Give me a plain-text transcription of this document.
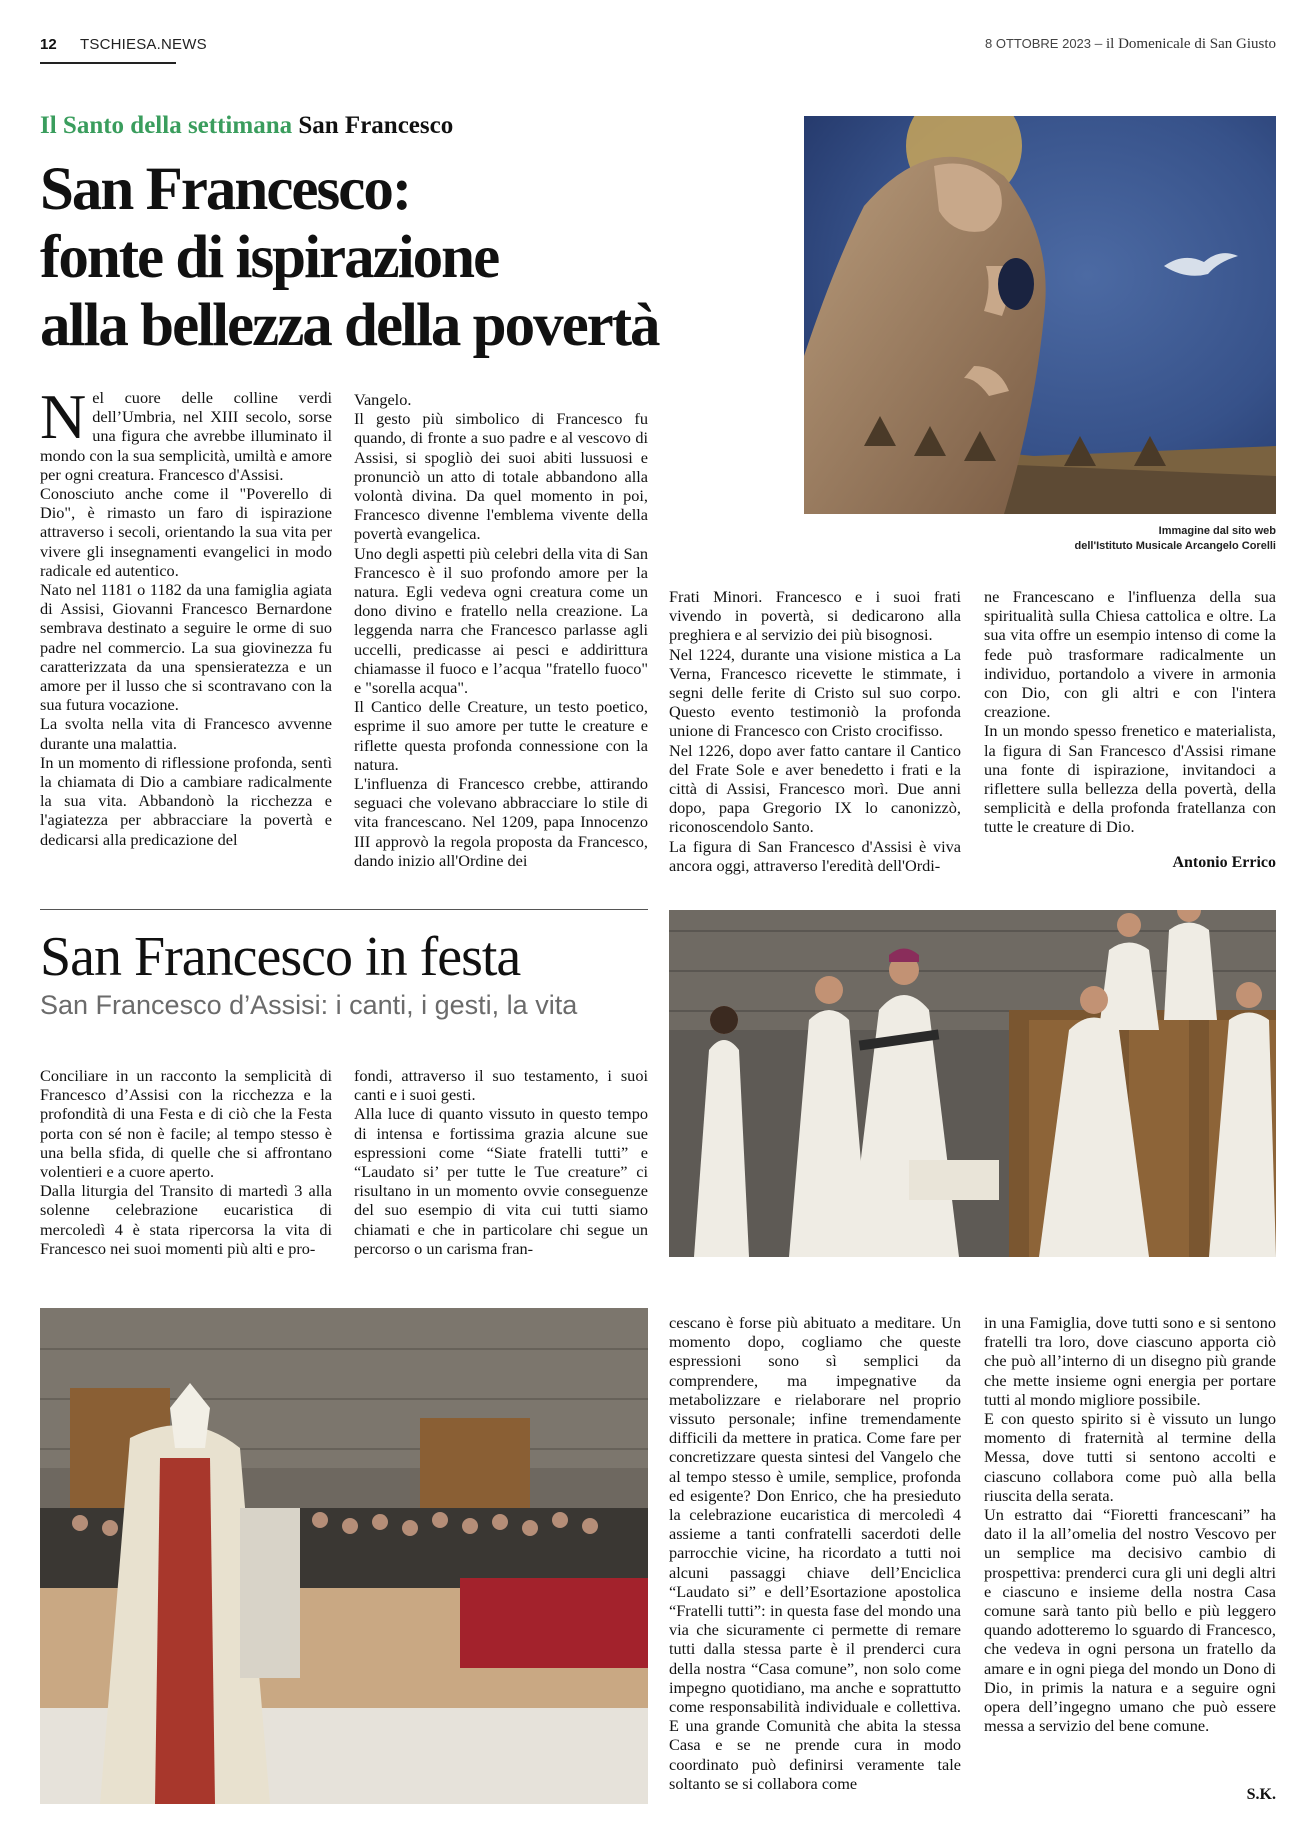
12 TSCHIESA.NEWS	8 OTTOBRE 2023 – il Domenicale di San Giusto
Il Santo della settimana San Francesco
San Francesco:
fonte di ispirazione
alla bellezza della povertà

Nel cuore delle colline verdi dell’Umbria, nel XIII secolo, sorse una figura che avrebbe illuminato il mondo con la sua semplicità, umiltà e amore per ogni creatura. Francesco d'Assisi.

Conosciuto anche come il "Poverello di Dio", è rimasto un faro di ispirazione attraverso i secoli, orientando la sua vita per vivere gli insegnamenti evangelici in modo radicale ed autentico.

Nato nel 1181 o 1182 da una famiglia agiata di Assisi, Giovanni Francesco Bernardone sembrava destinato a seguire le orme di suo padre nel commercio. La sua giovinezza fu caratterizzata da una spensieratezza e un amore per il lusso che si scontravano con la sua futura vocazione.

La svolta nella vita di Francesco avvenne durante una malattia.

In un momento di riflessione profonda, sentì la chiamata di Dio a cambiare radicalmente la sua vita. Abbandonò la ricchezza e l'agiatezza per abbracciare la povertà e dedicarsi alla predicazione del

Vangelo.

Il gesto più simbolico di Francesco fu quando, di fronte a suo padre e al vescovo di Assisi, si spogliò dei suoi abiti lussuosi e pronunciò un atto di totale abbandono alla volontà divina. Da quel momento in poi, Francesco divenne l'emblema vivente della povertà evangelica.

Uno degli aspetti più celebri della vita di San Francesco è il suo profondo amore per la natura. Egli vedeva ogni creatura come un dono divino e fratello nella creazione. La leggenda narra che Francesco parlasse agli uccelli, predicasse ai pesci e addirittura chiamasse il fuoco e l’acqua "fratello fuoco" e "sorella acqua".

Il Cantico delle Creature, un testo poetico, esprime il suo amore per tutte le creature e riflette questa profonda connessione con la natura.

L'influenza di Francesco crebbe, attirando seguaci che volevano abbracciare lo stile di vita francescano. Nel 1209, papa Innocenzo III approvò la regola proposta da Francesco, dando inizio all'Ordine dei

Frati Minori. Francesco e i suoi frati vivendo in povertà, si dedicarono alla preghiera e al servizio dei più bisognosi.

Nel 1224, durante una visione mistica a La Verna, Francesco ricevette le stimmate, i segni delle ferite di Cristo sul suo corpo. Questo evento testimoniò la profonda unione di Francesco con Cristo crocifisso.

Nel 1226, dopo aver fatto cantare il Cantico del Frate Sole e aver benedetto i frati e la città di Assisi, Francesco morì. Due anni dopo, papa Gregorio IX lo canonizzò, riconoscendolo Santo.

La figura di San Francesco d'Assisi è viva ancora oggi, attraverso l'eredità dell'Ordi-

ne Francescano e l'influenza della sua spiritualità sulla Chiesa cattolica e oltre. La sua vita offre un esempio intenso di come la fede può trasformare radicalmente un individuo, portandolo a vivere in armonia con Dio, con gli altri e con l'intera creazione.

In un mondo spesso frenetico e materialista, la figura di San Francesco d'Assisi rimane una fonte di ispirazione, invitandoci a riflettere sulla bellezza della povertà, della semplicità e della profonda fratellanza con tutte le creature di Dio.

Antonio Errico

Immagine dal sito web
dell'Istituto Musicale Arcangelo Corelli
San Francesco in festa
San Francesco d’Assisi: i canti, i gesti, la vita

Conciliare in un racconto la semplicità di Francesco d’Assisi con la ricchezza e la profondità di una Festa e di ciò che la Festa porta con sé non è facile; al tempo stesso è una bella sfida, di quelle che si affrontano volentieri e a cuore aperto.

Dalla liturgia del Transito di martedì 3 alla solenne celebrazione eucaristica di mercoledì 4 è stata ripercorsa la vita di Francesco nei suoi momenti più alti e pro-

fondi, attraverso il suo testamento, i suoi canti e i suoi gesti.

Alla luce di quanto vissuto in questo tempo di intensa e fortissima grazia alcune sue espressioni come “Siate fratelli tutti” e “Laudato si’ per tutte le Tue creature” ci risultano in un momento ovvie conseguenze del suo esempio di vita cui tutti siamo chiamati e che in particolare chi segue un percorso o un carisma fran-

cescano è forse più abituato a meditare. Un momento dopo, cogliamo che queste espressioni sono sì semplici da comprendere, ma impegnative da metabolizzare e rielaborare nel proprio vissuto personale; infine tremendamente difficili da mettere in pratica. Come fare per concretizzare questa sintesi del Vangelo che al tempo stesso è umile, semplice, profonda ed esigente? Don Enrico, che ha presieduto la celebrazione eucaristica di mercoledì 4 assieme a tanti confratelli sacerdoti delle parrocchie vicine, ha ricordato a tutti noi alcuni passaggi chiave dell’Enciclica “Laudato si” e dell’Esortazione apostolica “Fratelli tutti”: in questa fase del mondo una via che sicuramente ci permette di remare tutti dalla stessa parte è il prenderci cura della nostra “Casa comune”, non solo come impegno quotidiano, ma anche e soprattutto come responsabilità individuale e collettiva. E una grande Comunità che abita la stessa Casa e se ne prende cura in modo coordinato può definirsi veramente tale soltanto se si collabora come

in una Famiglia, dove tutti sono e si sentono fratelli tra loro, dove ciascuno apporta ciò che può all’interno di un disegno più grande che mette insieme ogni energia per portare tutti al mondo migliore possibile.

E con questo spirito si è vissuto un lungo momento di fraternità al termine della Messa, dove tutti si sentono accolti e ciascuno collabora come può alla bella riuscita della serata.

Un estratto dai “Fioretti francescani” ha dato il la all’omelia del nostro Vescovo per un semplice ma decisivo cambio di prospettiva: prenderci cura gli uni degli altri e ciascuno e insieme della nostra Casa comune sarà tanto più bello e più leggero quando adotteremo lo sguardo di Francesco, che vedeva in ogni persona un fratello da amare e in ogni piega del mondo un Dono di Dio, in primis la natura e a seguire ogni opera dell’ingegno umano che può essere messa a servizio del bene comune.

S.K.
